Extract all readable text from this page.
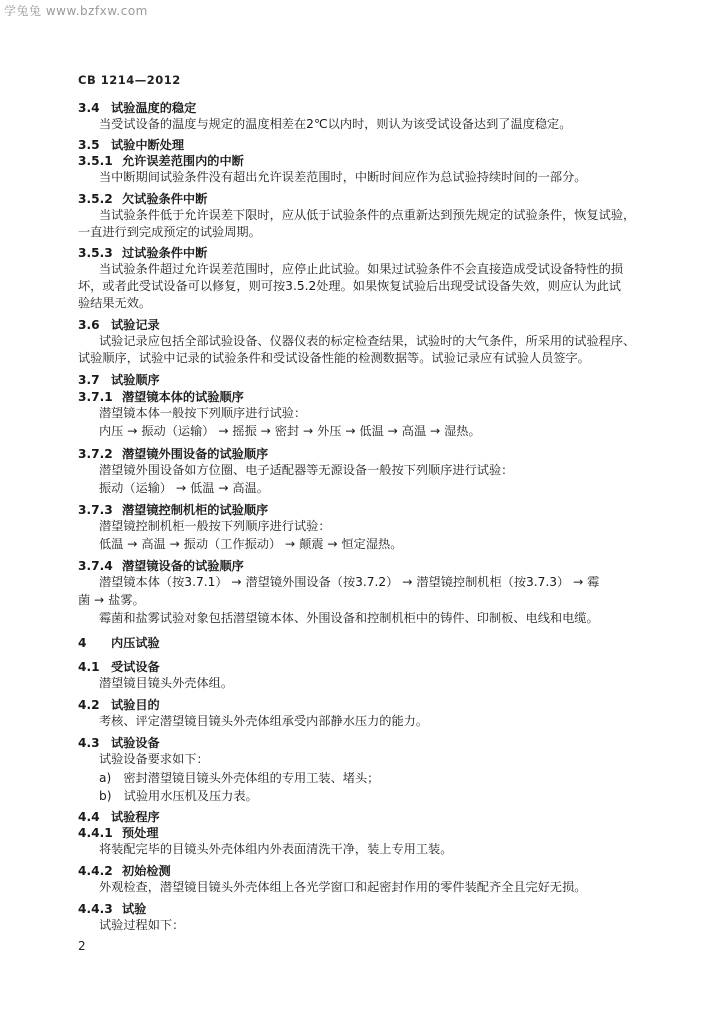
学兔兔 www.bzfxw.com
CB 1214—2012
3.4 试验温度的稳定
当受试设备的温度与规定的温度相差在2℃以内时，则认为该受试设备达到了温度稳定。
3.5 试验中断处理
3.5.1 允许误差范围内的中断
当中断期间试验条件没有超出允许误差范围时，中断时间应作为总试验持续时间的一部分。
3.5.2 欠试验条件中断
当试验条件低于允许误差下限时，应从低于试验条件的点重新达到预先规定的试验条件，恢复试验，
一直进行到完成预定的试验周期。
3.5.3 过试验条件中断
当试验条件超过允许误差范围时，应停止此试验。如果过试验条件不会直接造成受试设备特性的损
坏，或者此受试设备可以修复，则可按3.5.2处理。如果恢复试验后出现受试设备失效，则应认为此试
验结果无效。
3.6 试验记录
试验记录应包括全部试验设备、仪器仪表的标定检查结果，试验时的大气条件，所采用的试验程序、
试验顺序，试验中记录的试验条件和受试设备性能的检测数据等。试验记录应有试验人员签字。
3.7 试验顺序
3.7.1 潜望镜本体的试验顺序
潜望镜本体一般按下列顺序进行试验：
内压 → 振动（运输） → 摇振 → 密封 → 外压 → 低温 → 高温 → 湿热。
3.7.2 潜望镜外围设备的试验顺序
潜望镜外围设备如方位圈、电子适配器等无源设备一般按下列顺序进行试验：
振动（运输） → 低温 → 高温。
3.7.3 潜望镜控制机柜的试验顺序
潜望镜控制机柜一般按下列顺序进行试验：
低温 → 高温 → 振动（工作振动） → 颠震 → 恒定湿热。
3.7.4 潜望镜设备的试验顺序
潜望镜本体（按3.7.1） → 潜望镜外围设备（按3.7.2） → 潜望镜控制机柜（按3.7.3） → 霉
菌 → 盐雾。
霉菌和盐雾试验对象包括潜望镜本体、外围设备和控制机柜中的铸件、印制板、电线和电缆。
4 内压试验
4.1 受试设备
潜望镜目镜头外壳体组。
4.2 试验目的
考核、评定潜望镜目镜头外壳体组承受内部静水压力的能力。
4.3 试验设备
试验设备要求如下：
a)　密封潜望镜目镜头外壳体组的专用工装、堵头；
b)　试验用水压机及压力表。
4.4 试验程序
4.4.1 预处理
将装配完毕的目镜头外壳体组内外表面清洗干净，装上专用工装。
4.4.2 初始检测
外观检查，潜望镜目镜头外壳体组上各光学窗口和起密封作用的零件装配齐全且完好无损。
4.4.3 试验
试验过程如下：
2
